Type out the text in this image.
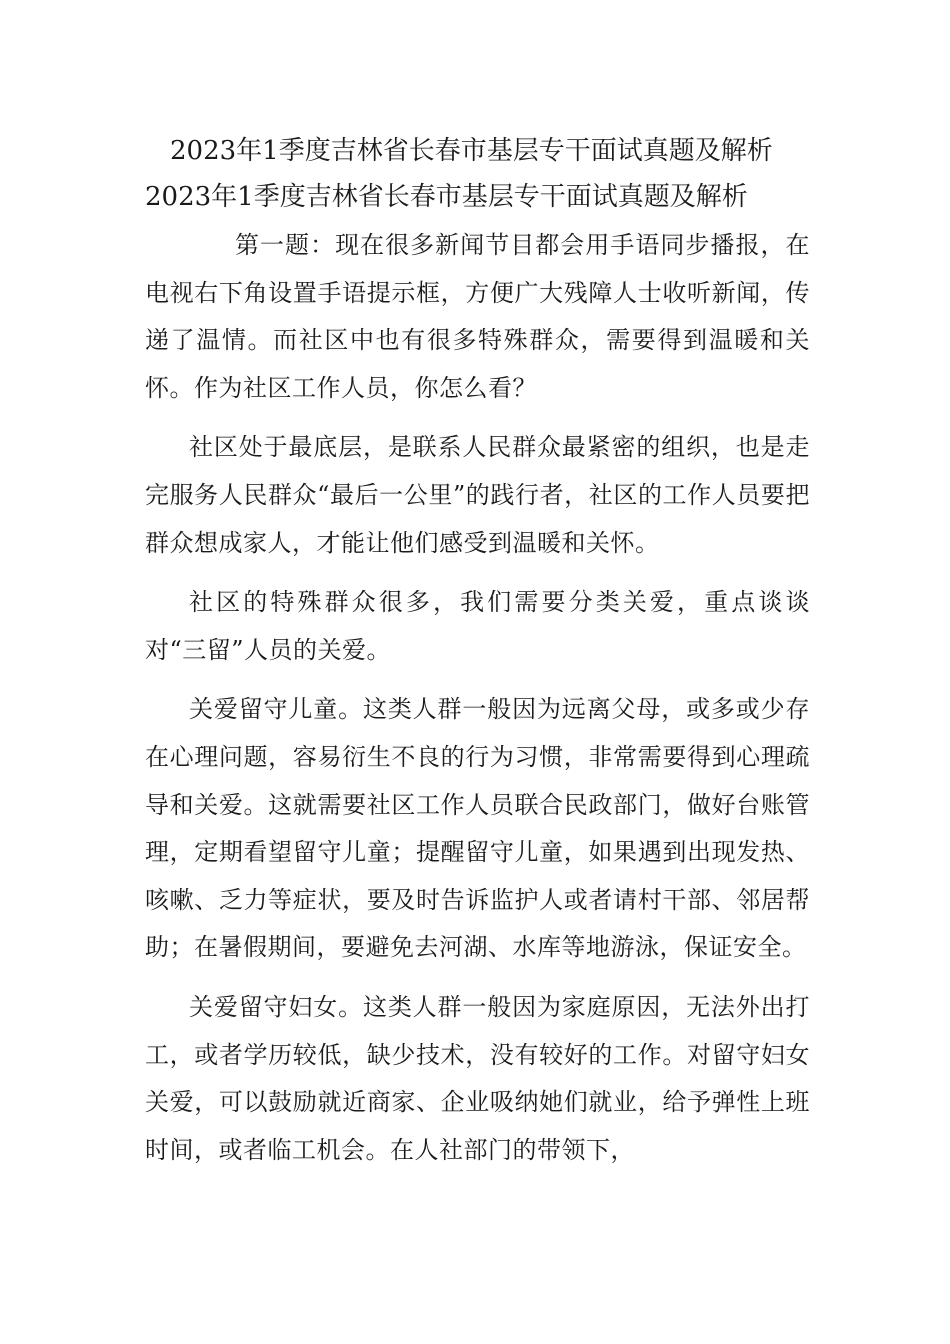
2023年1季度吉林省长春市基层专干面试真题及解析
2023年1季度吉林省长春市基层专干面试真题及解析

第一题：现在很多新闻节目都会用手语同步播报，在电视右下角设置手语提示框，方便广大残障人士收听新闻，传递了温情。而社区中也有很多特殊群众，需要得到温暖和关怀。作为社区工作人员，你怎么看？

社区处于最底层，是联系人民群众最紧密的组织，也是走完服务人民群众“最后一公里”的践行者，社区的工作人员要把群众想成家人，才能让他们感受到温暖和关怀。

社区的特殊群众很多，我们需要分类关爱，重点谈谈对“三留”人员的关爱。

关爱留守儿童。这类人群一般因为远离父母，或多或少存在心理问题，容易衍生不良的行为习惯，非常需要得到心理疏导和关爱。这就需要社区工作人员联合民政部门，做好台账管理，定期看望留守儿童；提醒留守儿童，如果遇到出现发热、咳嗽、乏力等症状，要及时告诉监护人或者请村干部、邻居帮助；在暑假期间，要避免去河湖、水库等地游泳，保证安全。

关爱留守妇女。这类人群一般因为家庭原因，无法外出打工，或者学历较低，缺少技术，没有较好的工作。对留守妇女关爱，可以鼓励就近商家、企业吸纳她们就业，给予弹性上班时间，或者临工机会。在人社部门的带领下，
